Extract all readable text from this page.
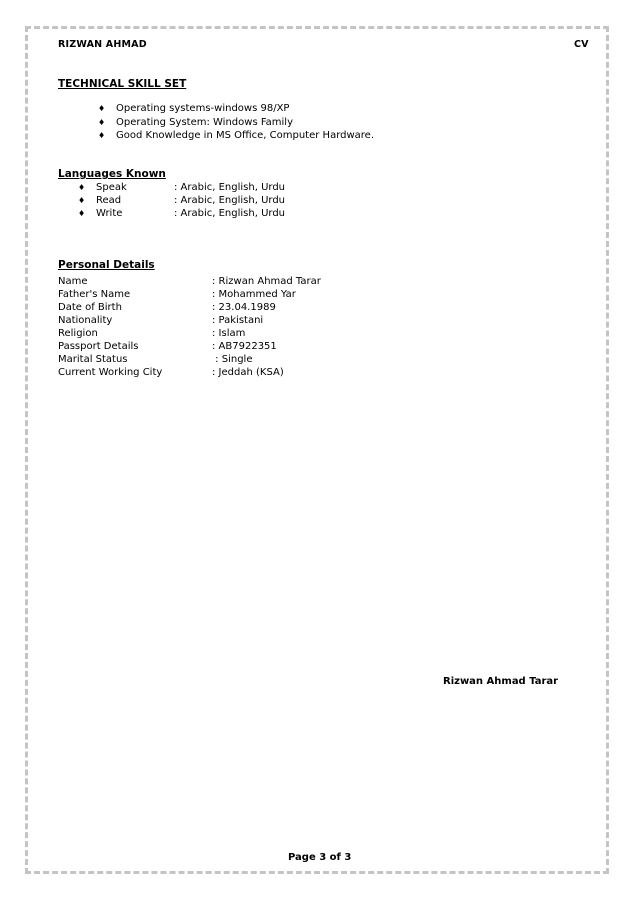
RIZWAN AHMAD	CV
TECHNICAL SKILL SET
♦ Operating systems-windows 98/XP
♦ Operating System: Windows Family
♦ Good Knowledge in MS Office, Computer Hardware.
Languages Known
♦ Speak	: Arabic, English, Urdu
♦ Read	: Arabic, English, Urdu
♦ Write	: Arabic, English, Urdu
Personal Details
Name	: Rizwan Ahmad Tarar
Father's Name	: Mohammed Yar
Date of Birth	: 23.04.1989
Nationality	: Pakistani
Religion	: Islam
Passport Details	: AB7922351
Marital Status	: Single
Current Working City	: Jeddah (KSA)
Rizwan Ahmad Tarar
Page 3 of 3
